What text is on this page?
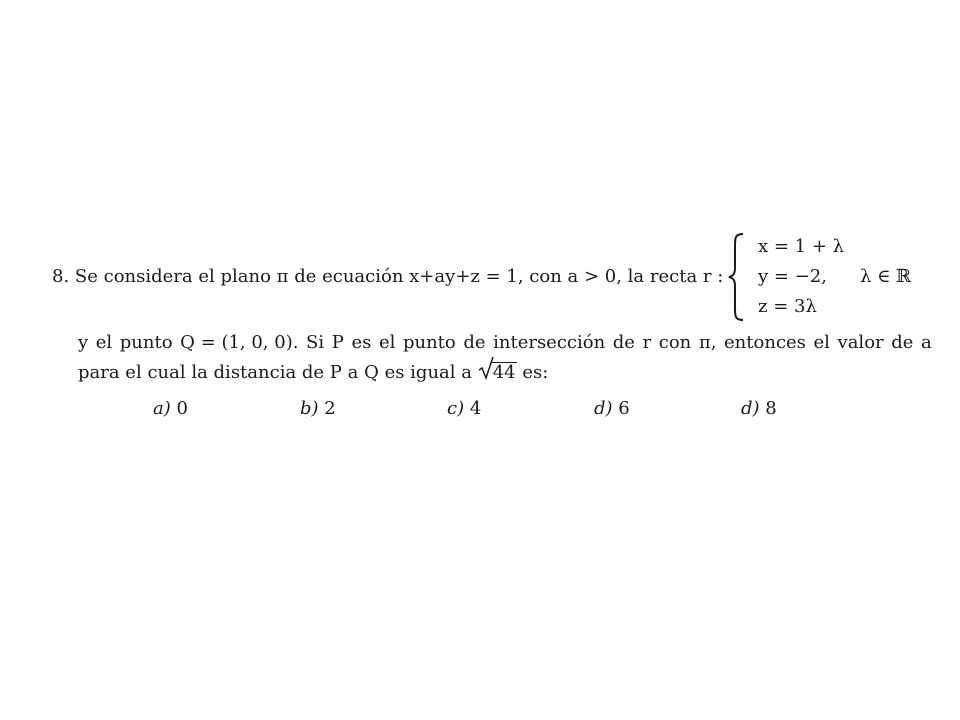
8. Se considera el plano π de ecuación x+ay+z = 1, con a > 0, la recta r :
x = 1 + λ
y = −2,
z = 3λ
λ ∈ ℝ
y el punto Q = (1, 0, 0). Si P es el punto de intersección de r con π, entonces el valor de a
para el cual la distancia de P a Q es igual a 44 es:
a) 0	b) 2	c) 4	d) 6	d) 8
